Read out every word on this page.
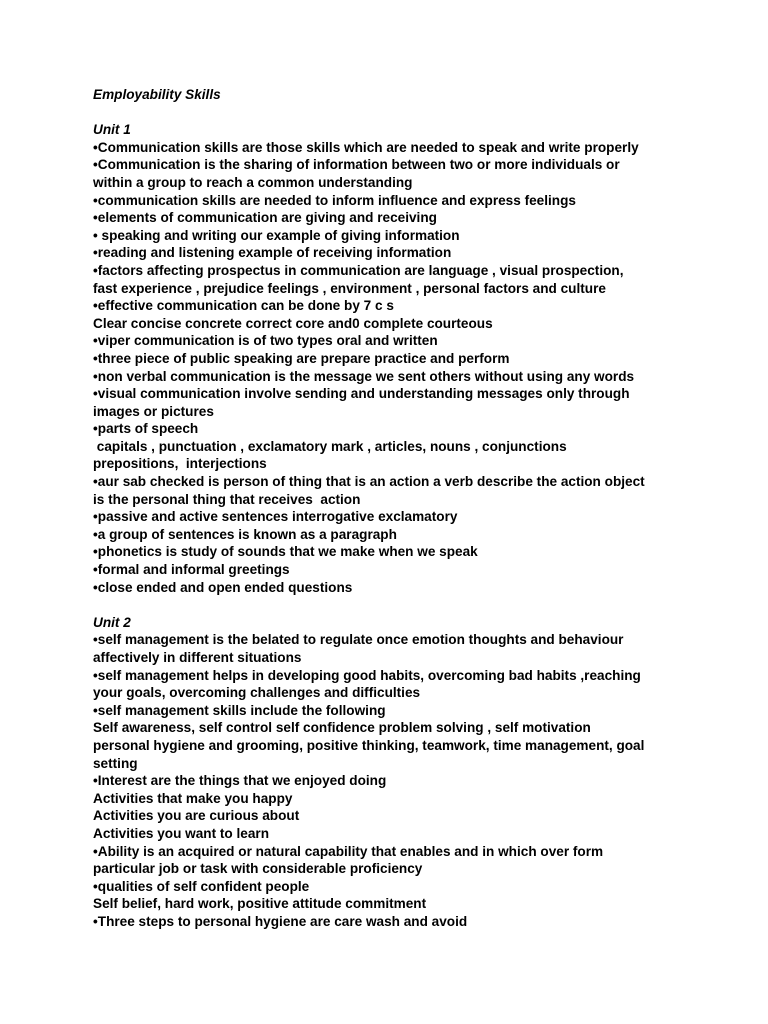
Employability Skills
Unit 1
•Communication skills are those skills which are needed to speak and write properly
•Communication is the sharing of information between two or more individuals or
within a group to reach a common understanding
•communication skills are needed to inform influence and express feelings
•elements of communication are giving and receiving
• speaking and writing our example of giving information
•reading and listening example of receiving information
•factors affecting prospectus in communication are language , visual prospection,
fast experience , prejudice feelings , environment , personal factors and culture
•effective communication can be done by 7 c s
Clear concise concrete correct core and0 complete courteous
•viper communication is of two types oral and written
•three piece of public speaking are prepare practice and perform
•non verbal communication is the message we sent others without using any words
•visual communication involve sending and understanding messages only through
images or pictures
•parts of speech
capitals , punctuation , exclamatory mark , articles, nouns , conjunctions
prepositions,  interjections
•aur sab checked is person of thing that is an action a verb describe the action object
is the personal thing that receives  action
•passive and active sentences interrogative exclamatory
•a group of sentences is known as a paragraph
•phonetics is study of sounds that we make when we speak
•formal and informal greetings
•close ended and open ended questions
Unit 2
•self management is the belated to regulate once emotion thoughts and behaviour
affectively in different situations
•self management helps in developing good habits, overcoming bad habits ,reaching
your goals, overcoming challenges and difficulties
•self management skills include the following
Self awareness, self control self confidence problem solving , self motivation
personal hygiene and grooming, positive thinking, teamwork, time management, goal
setting
•Interest are the things that we enjoyed doing
Activities that make you happy
Activities you are curious about
Activities you want to learn
•Ability is an acquired or natural capability that enables and in which over form
particular job or task with considerable proficiency
•qualities of self confident people
Self belief, hard work, positive attitude commitment
•Three steps to personal hygiene are care wash and avoid
